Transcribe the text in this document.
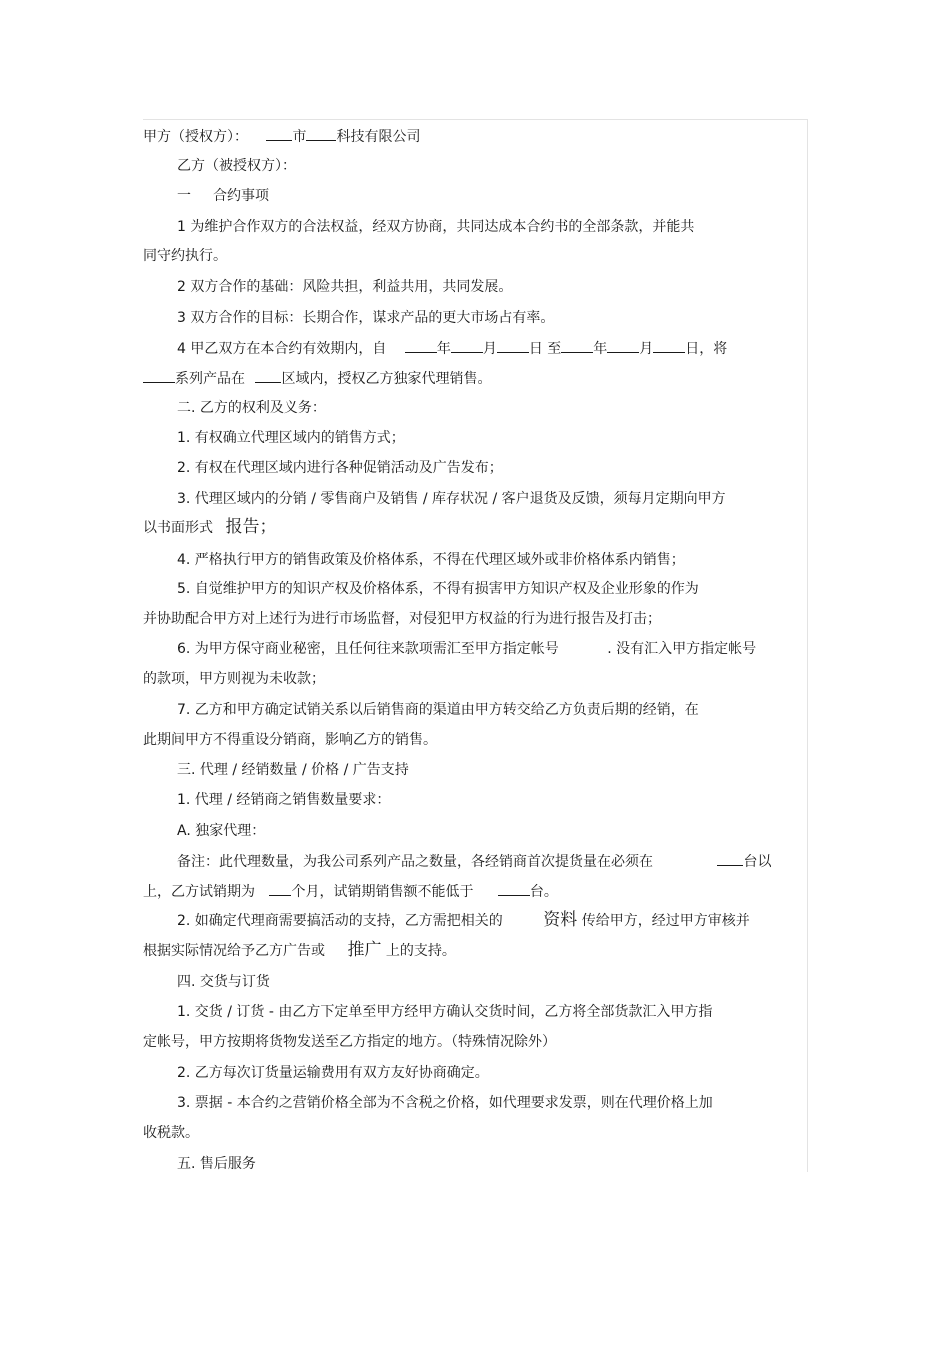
甲方（授权方）：	市 科技有限公司
乙方（被授权方）：
一 合约事项
1 为维护合作双方的合法权益，经双方协商，共同达成本合约书的全部条款，并能共
同守约执行。
2 双方合作的基础：风险共担，利益共用，共同发展。
3 双方合作的目标：长期合作，谋求产品的更大市场占有率。
4 甲乙双方在本合约有效期内，自	年 月 日 至 年 月 日，将
系列产品在	区域内，授权乙方独家代理销售。
二. 乙方的权利及义务：
1. 有权确立代理区域内的销售方式；
2. 有权在代理区域内进行各种促销活动及广告发布；
3. 代理区域内的分销 / 零售商户及销售 / 库存状况 / 客户退货及反馈，须每月定期向甲方
以书面形式 报告；
4. 严格执行甲方的销售政策及价格体系，不得在代理区域外或非价格体系内销售；
5. 自觉维护甲方的知识产权及价格体系，不得有损害甲方知识产权及企业形象的作为
并协助配合甲方对上述行为进行市场监督，对侵犯甲方权益的行为进行报告及打击；
6. 为甲方保守商业秘密，且任何往来款项需汇至甲方指定帐号	. 没有汇入甲方指定帐号
的款项，甲方则视为未收款；
7. 乙方和甲方确定试销关系以后销售商的渠道由甲方转交给乙方负责后期的经销，在
此期间甲方不得重设分销商，影响乙方的销售。
三. 代理 / 经销数量 / 价格 / 广告支持
1. 代理 / 经销商之销售数量要求：
A. 独家代理：
备注：此代理数量，为我公司系列产品之数量，各经销商首次提货量在必须在	台以
上，乙方试销期为	个月，试销期销售额不能低于	台。
2. 如确定代理商需要搞活动的支持，乙方需把相关的 资料 传给甲方，经过甲方审核并
根据实际情况给予乙方广告或 推广 上的支持。
四. 交货与订货
1. 交货 / 订货 - 由乙方下定单至甲方经甲方确认交货时间，乙方将全部货款汇入甲方指
定帐号，甲方按期将货物发送至乙方指定的地方。（特殊情况除外）
2. 乙方每次订货量运输费用有双方友好协商确定。
3. 票据 - 本合约之营销价格全部为不含税之价格，如代理要求发票，则在代理价格上加
收税款。
五. 售后服务
